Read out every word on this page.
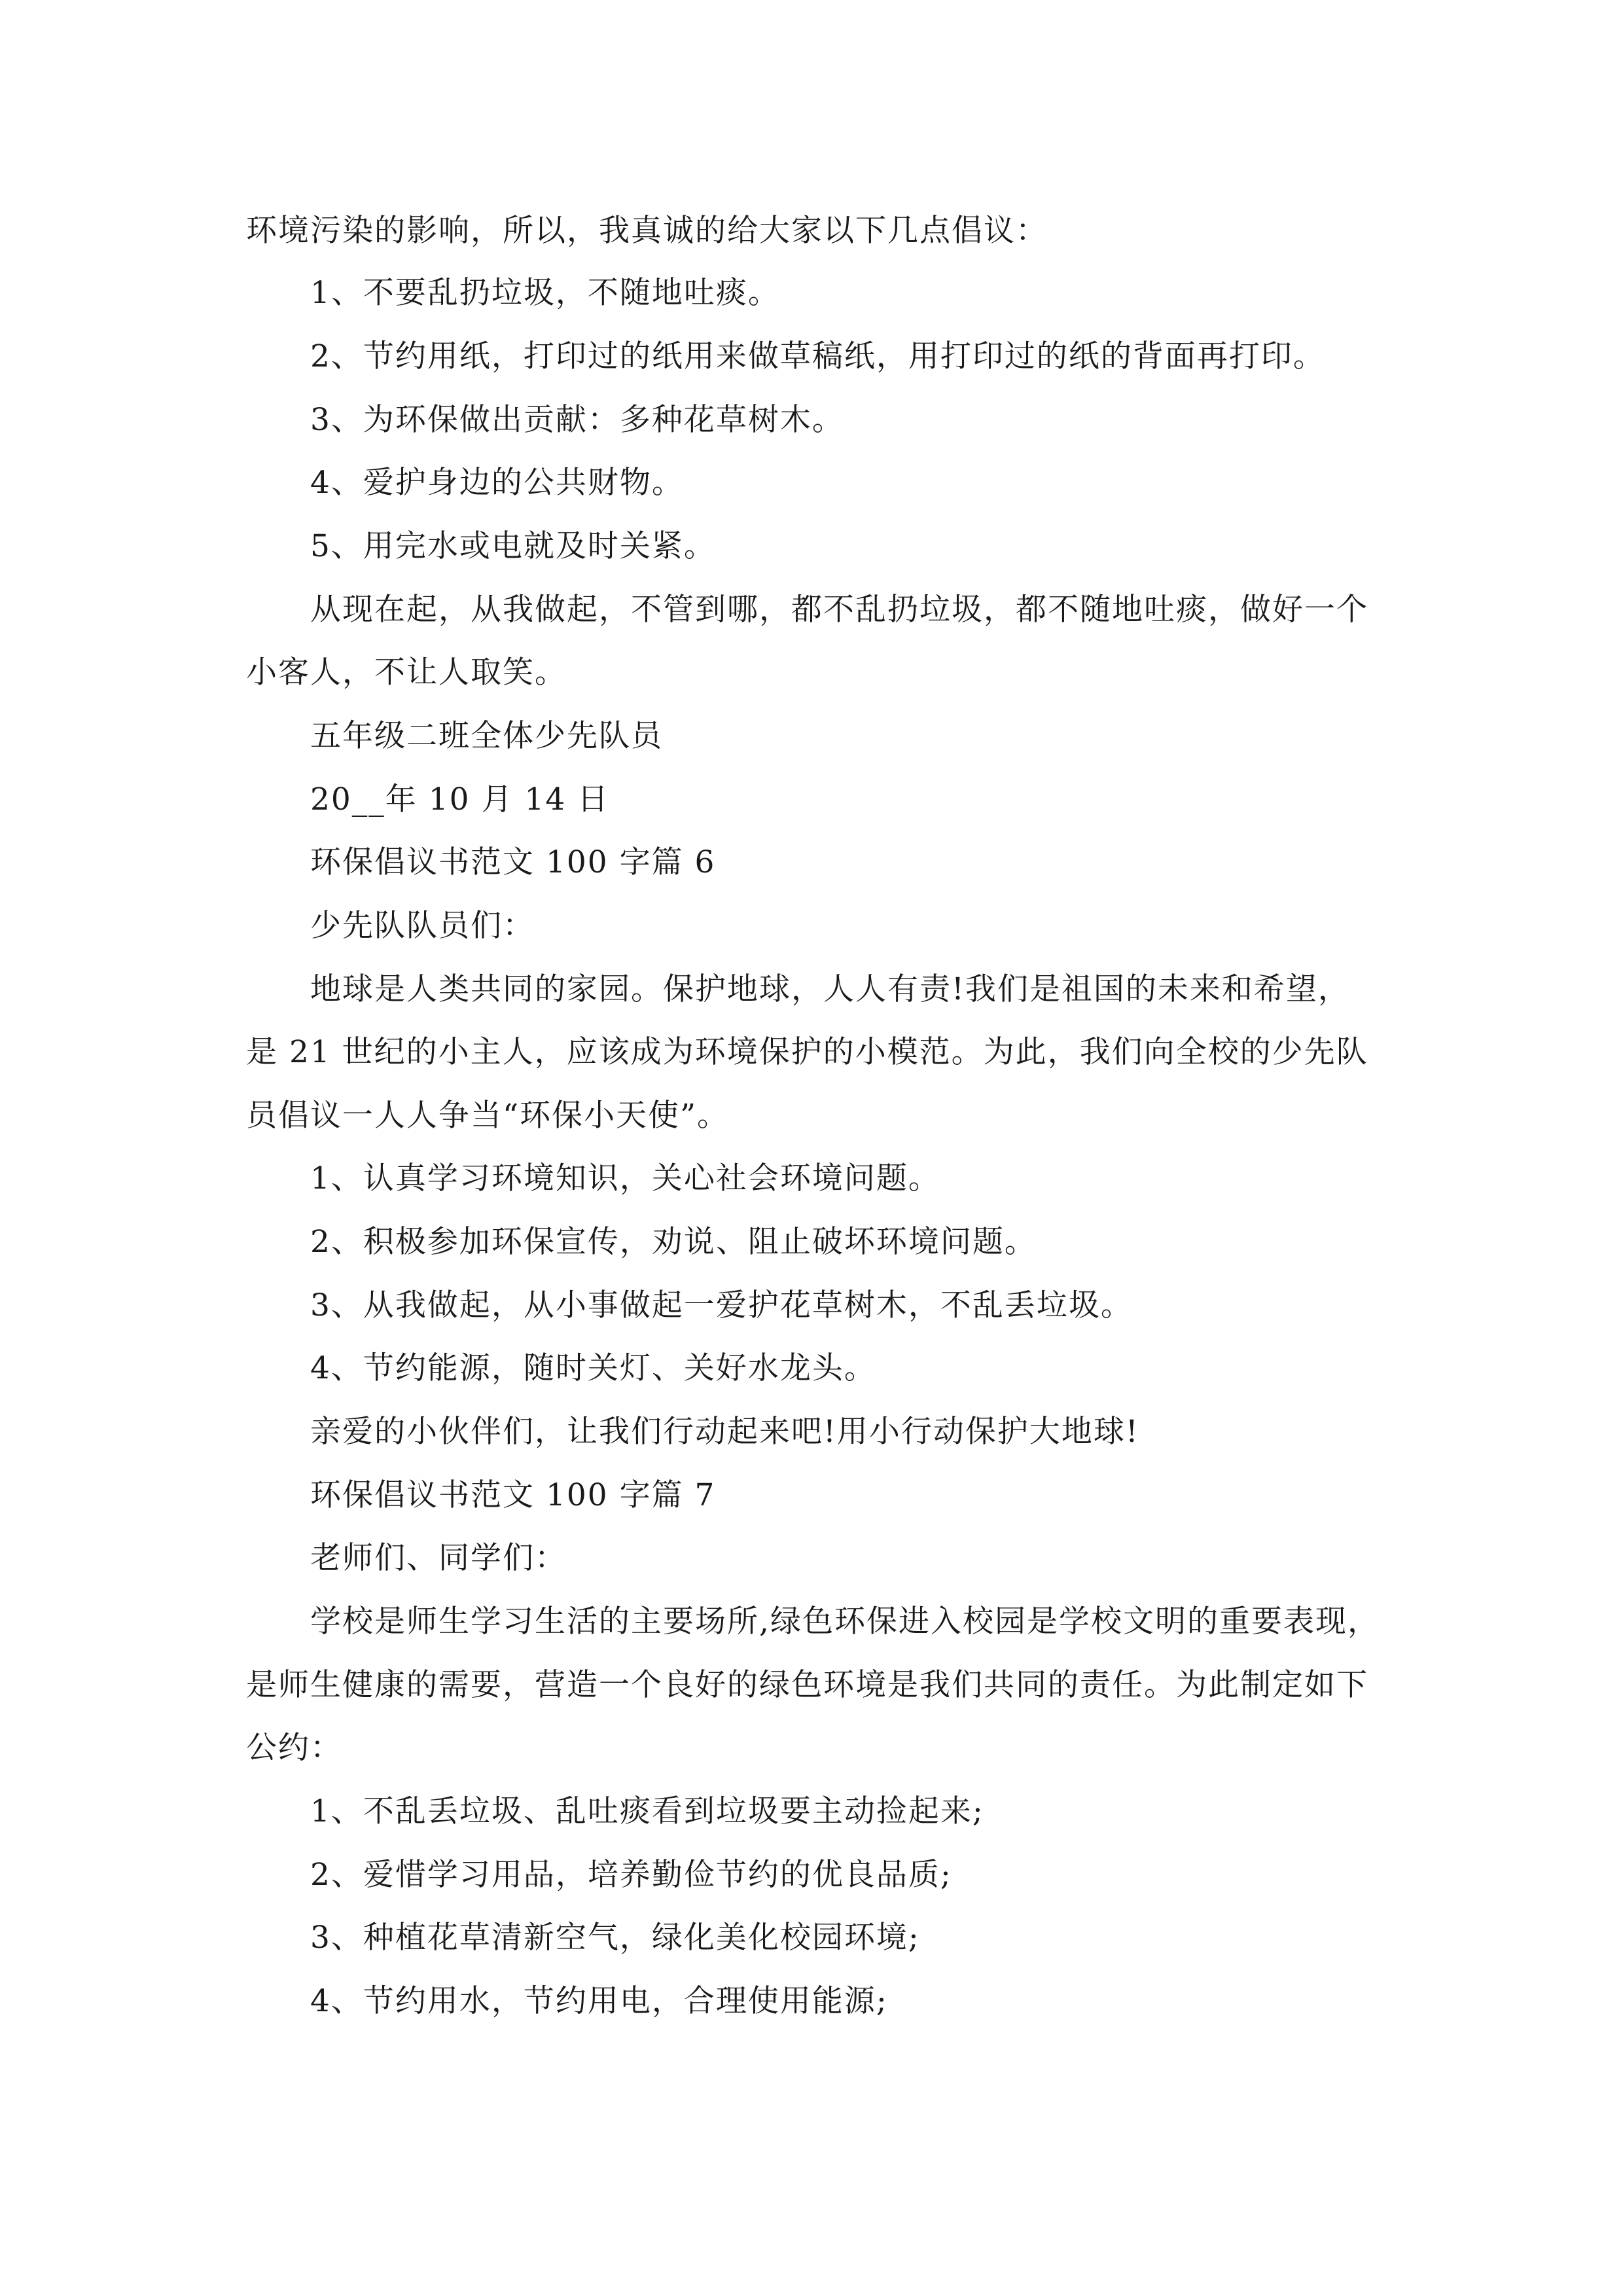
环境污染的影响，所以，我真诚的给大家以下几点倡议：
1、不要乱扔垃圾，不随地吐痰。
2、节约用纸，打印过的纸用来做草稿纸，用打印过的纸的背面再打印。
3、为环保做出贡献：多种花草树木。
4、爱护身边的公共财物。
5、用完水或电就及时关紧。
从现在起，从我做起，不管到哪，都不乱扔垃圾，都不随地吐痰，做好一个
小客人，不让人取笑。
五年级二班全体少先队员
20__年 10 月 14 日
环保倡议书范文 100 字篇 6
少先队队员们：
地球是人类共同的家园。保护地球，人人有责!我们是祖国的未来和希望，
是 21 世纪的小主人，应该成为环境保护的小模范。为此，我们向全校的少先队
员倡议一人人争当“环保小天使”。
1、认真学习环境知识，关心社会环境问题。
2、积极参加环保宣传，劝说、阻止破坏环境问题。
3、从我做起，从小事做起一爱护花草树木，不乱丢垃圾。
4、节约能源，随时关灯、关好水龙头。
亲爱的小伙伴们，让我们行动起来吧!用小行动保护大地球!
环保倡议书范文 100 字篇 7
老师们、同学们：
学校是师生学习生活的主要场所,绿色环保进入校园是学校文明的重要表现，
是师生健康的需要，营造一个良好的绿色环境是我们共同的责任。为此制定如下
公约：
1、不乱丢垃圾、乱吐痰看到垃圾要主动捡起来;
2、爱惜学习用品，培养勤俭节约的优良品质;
3、种植花草清新空气，绿化美化校园环境;
4、节约用水，节约用电，合理使用能源;
